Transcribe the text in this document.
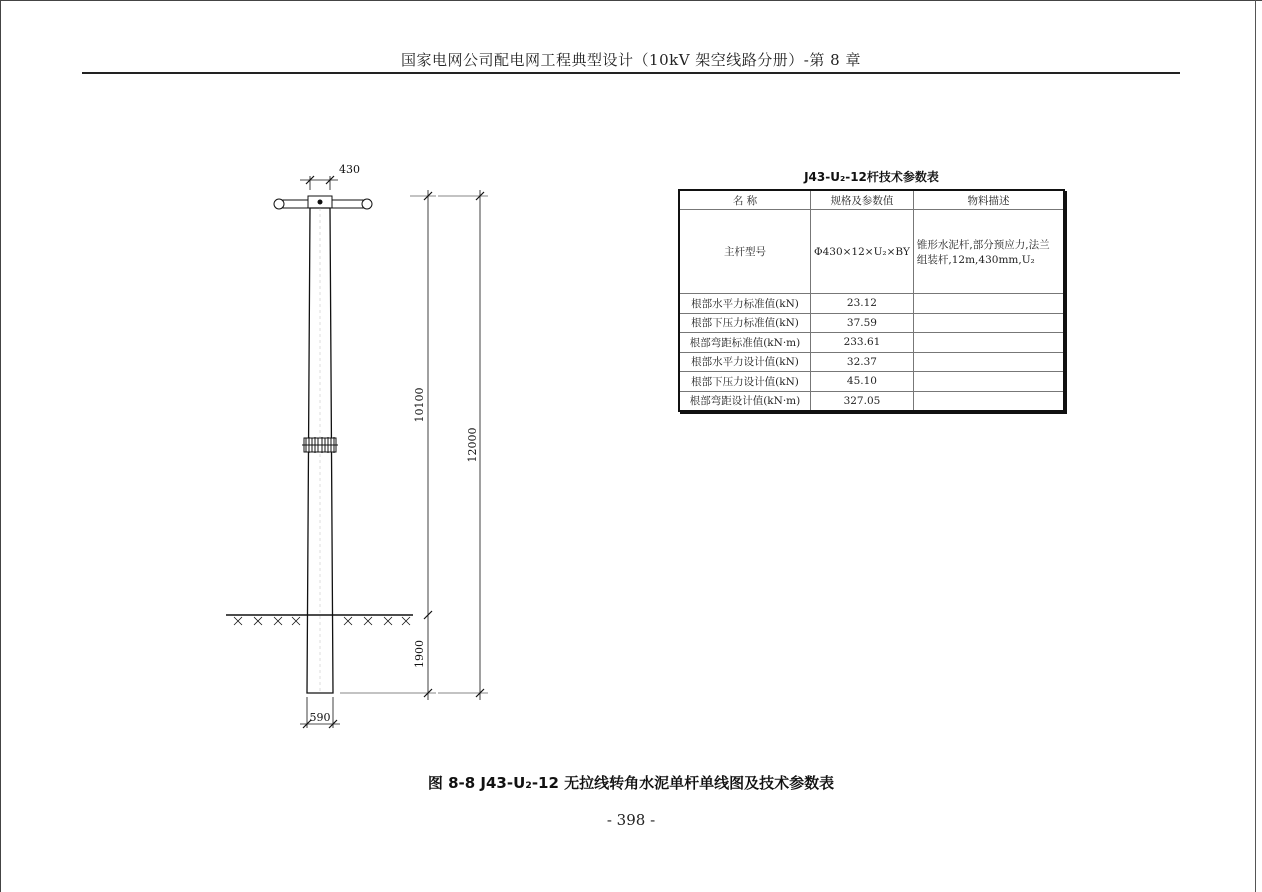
国家电网公司配电网工程典型设计（10kV 架空线路分册）-第 8 章
430
10100
1900
12000
590
J43-U₂-12杆技术参数表
名 称	规格及参数值	物料描述
主杆型号	Φ430×12×U₂×BY	锥形水泥杆,部分预应力,法兰组装杆,12m,430mm,U₂
根部水平力标准值(kN)	23.12	
根部下压力标准值(kN)	37.59	
根部弯距标准值(kN·m)	233.61	
根部水平力设计值(kN)	32.37	
根部下压力设计值(kN)	45.10	
根部弯距设计值(kN·m)	327.05	
图 8-8 J43-U₂-12 无拉线转角水泥单杆单线图及技术参数表
- 398 -
